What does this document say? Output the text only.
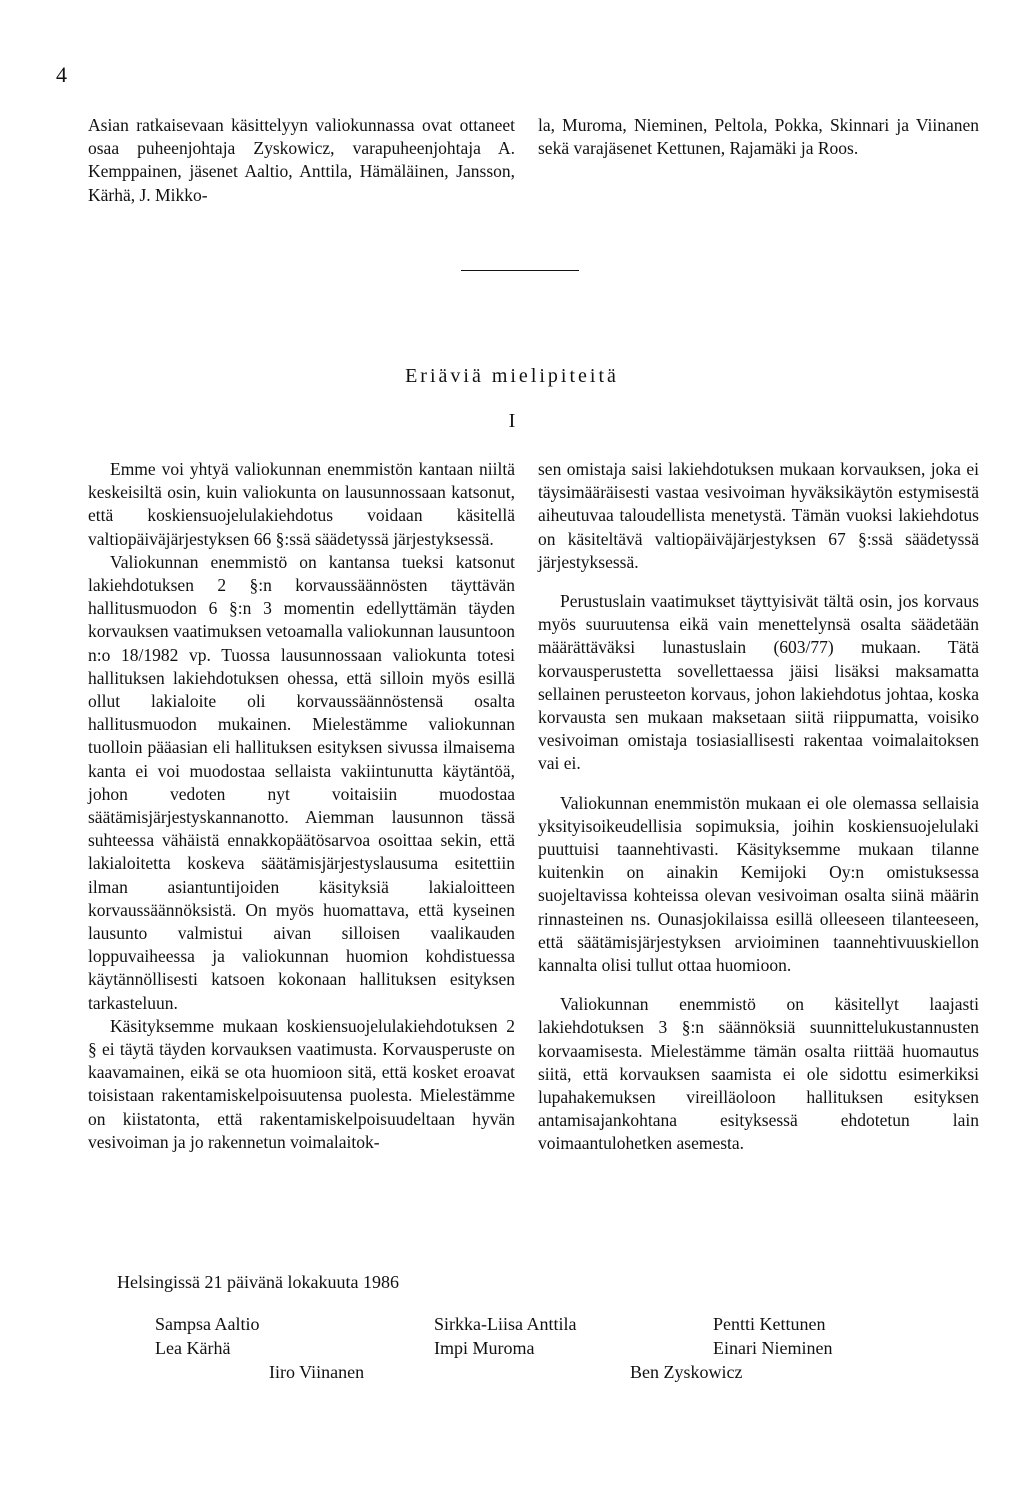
4

Asian ratkaisevaan käsittelyyn valiokunnassa ovat ottaneet osaa puheenjohtaja Zyskowicz, varapuheenjohtaja A. Kemppainen, jäsenet Aaltio, Anttila, Hämäläinen, Jansson, Kärhä, J. Mikko-

la, Muroma, Nieminen, Peltola, Pokka, Skinnari ja Viinanen sekä varajäsenet Kettunen, Rajamäki ja Roos.

Eriäviä mielipiteitä
I

Emme voi yhtyä valiokunnan enemmistön kantaan niiltä keskeisiltä osin, kuin valiokunta on lausunnossaan katsonut, että koskiensuojelulakiehdotus voidaan käsitellä valtiopäiväjärjestyksen 66 §:ssä säädetyssä järjestyksessä.

Valiokunnan enemmistö on kantansa tueksi katsonut lakiehdotuksen 2 §:n korvaussäännösten täyttävän hallitusmuodon 6 §:n 3 momentin edellyttämän täyden korvauksen vaatimuksen vetoamalla valiokunnan lausuntoon n:o 18/1982 vp. Tuossa lausunnossaan valiokunta totesi hallituksen lakiehdotuksen ohessa, että silloin myös esillä ollut lakialoite oli korvaussäännöstensä osalta hallitusmuodon mukainen. Mielestämme valiokunnan tuolloin pääasian eli hallituksen esityksen sivussa ilmaisema kanta ei voi muodostaa sellaista vakiintunutta käytäntöä, johon vedoten nyt voitaisiin muodostaa säätämisjärjestyskannanotto. Aiemman lausunnon tässä suhteessa vähäistä ennakkopäätösarvoa osoittaa sekin, että lakialoitetta koskeva säätämisjärjestyslausuma esitettiin ilman asiantuntijoiden käsityksiä lakialoitteen korvaussäännöksistä. On myös huomattava, että kyseinen lausunto valmistui aivan silloisen vaalikauden loppuvaiheessa ja valiokunnan huomion kohdistuessa käytännöllisesti katsoen kokonaan hallituksen esityksen tarkasteluun.

Käsityksemme mukaan koskiensuojelulakiehdotuksen 2 § ei täytä täyden korvauksen vaatimusta. Korvausperuste on kaavamainen, eikä se ota huomioon sitä, että kosket eroavat toisistaan rakentamiskelpoisuutensa puolesta. Mielestämme on kiistatonta, että rakentamiskelpoisuudeltaan hyvän vesivoiman ja jo rakennetun voimalaitok-

sen omistaja saisi lakiehdotuksen mukaan korvauksen, joka ei täysimääräisesti vastaa vesivoiman hyväksikäytön estymisestä aiheutuvaa taloudellista menetystä. Tämän vuoksi lakiehdotus on käsiteltävä valtiopäiväjärjestyksen 67 §:ssä säädetyssä järjestyksessä.

Perustuslain vaatimukset täyttyisivät tältä osin, jos korvaus myös suuruutensa eikä vain menettelynsä osalta säädetään määrättäväksi lunastuslain (603/77) mukaan. Tätä korvausperustetta sovellettaessa jäisi lisäksi maksamatta sellainen perusteeton korvaus, johon lakiehdotus johtaa, koska korvausta sen mukaan maksetaan siitä riippumatta, voisiko vesivoiman omistaja tosiasiallisesti rakentaa voimalaitoksen vai ei.

Valiokunnan enemmistön mukaan ei ole olemassa sellaisia yksityisoikeudellisia sopimuksia, joihin koskiensuojelulaki puuttuisi taannehtivasti. Käsityksemme mukaan tilanne kuitenkin on ainakin Kemijoki Oy:n omistuksessa suojeltavissa kohteissa olevan vesivoiman osalta siinä määrin rinnasteinen ns. Ounasjokilaissa esillä olleeseen tilanteeseen, että säätämisjärjestyksen arvioiminen taannehtivuuskiellon kannalta olisi tullut ottaa huomioon.

Valiokunnan enemmistö on käsitellyt laajasti lakiehdotuksen 3 §:n säännöksiä suunnittelukustannusten korvaamisesta. Mielestämme tämän osalta riittää huomautus siitä, että korvauksen saamista ei ole sidottu esimerkiksi lupahakemuksen vireilläoloon hallituksen esityksen antamisajankohtana esityksessä ehdotetun lain voimaantulohetken asemesta.

Helsingissä 21 päivänä lokakuuta 1986
Sampsa Aaltio
Lea Kärhä
Iiro Viinanen
Sirkka-Liisa Anttila
Impi Muroma
Pentti Kettunen
Einari Nieminen
Ben Zyskowicz
